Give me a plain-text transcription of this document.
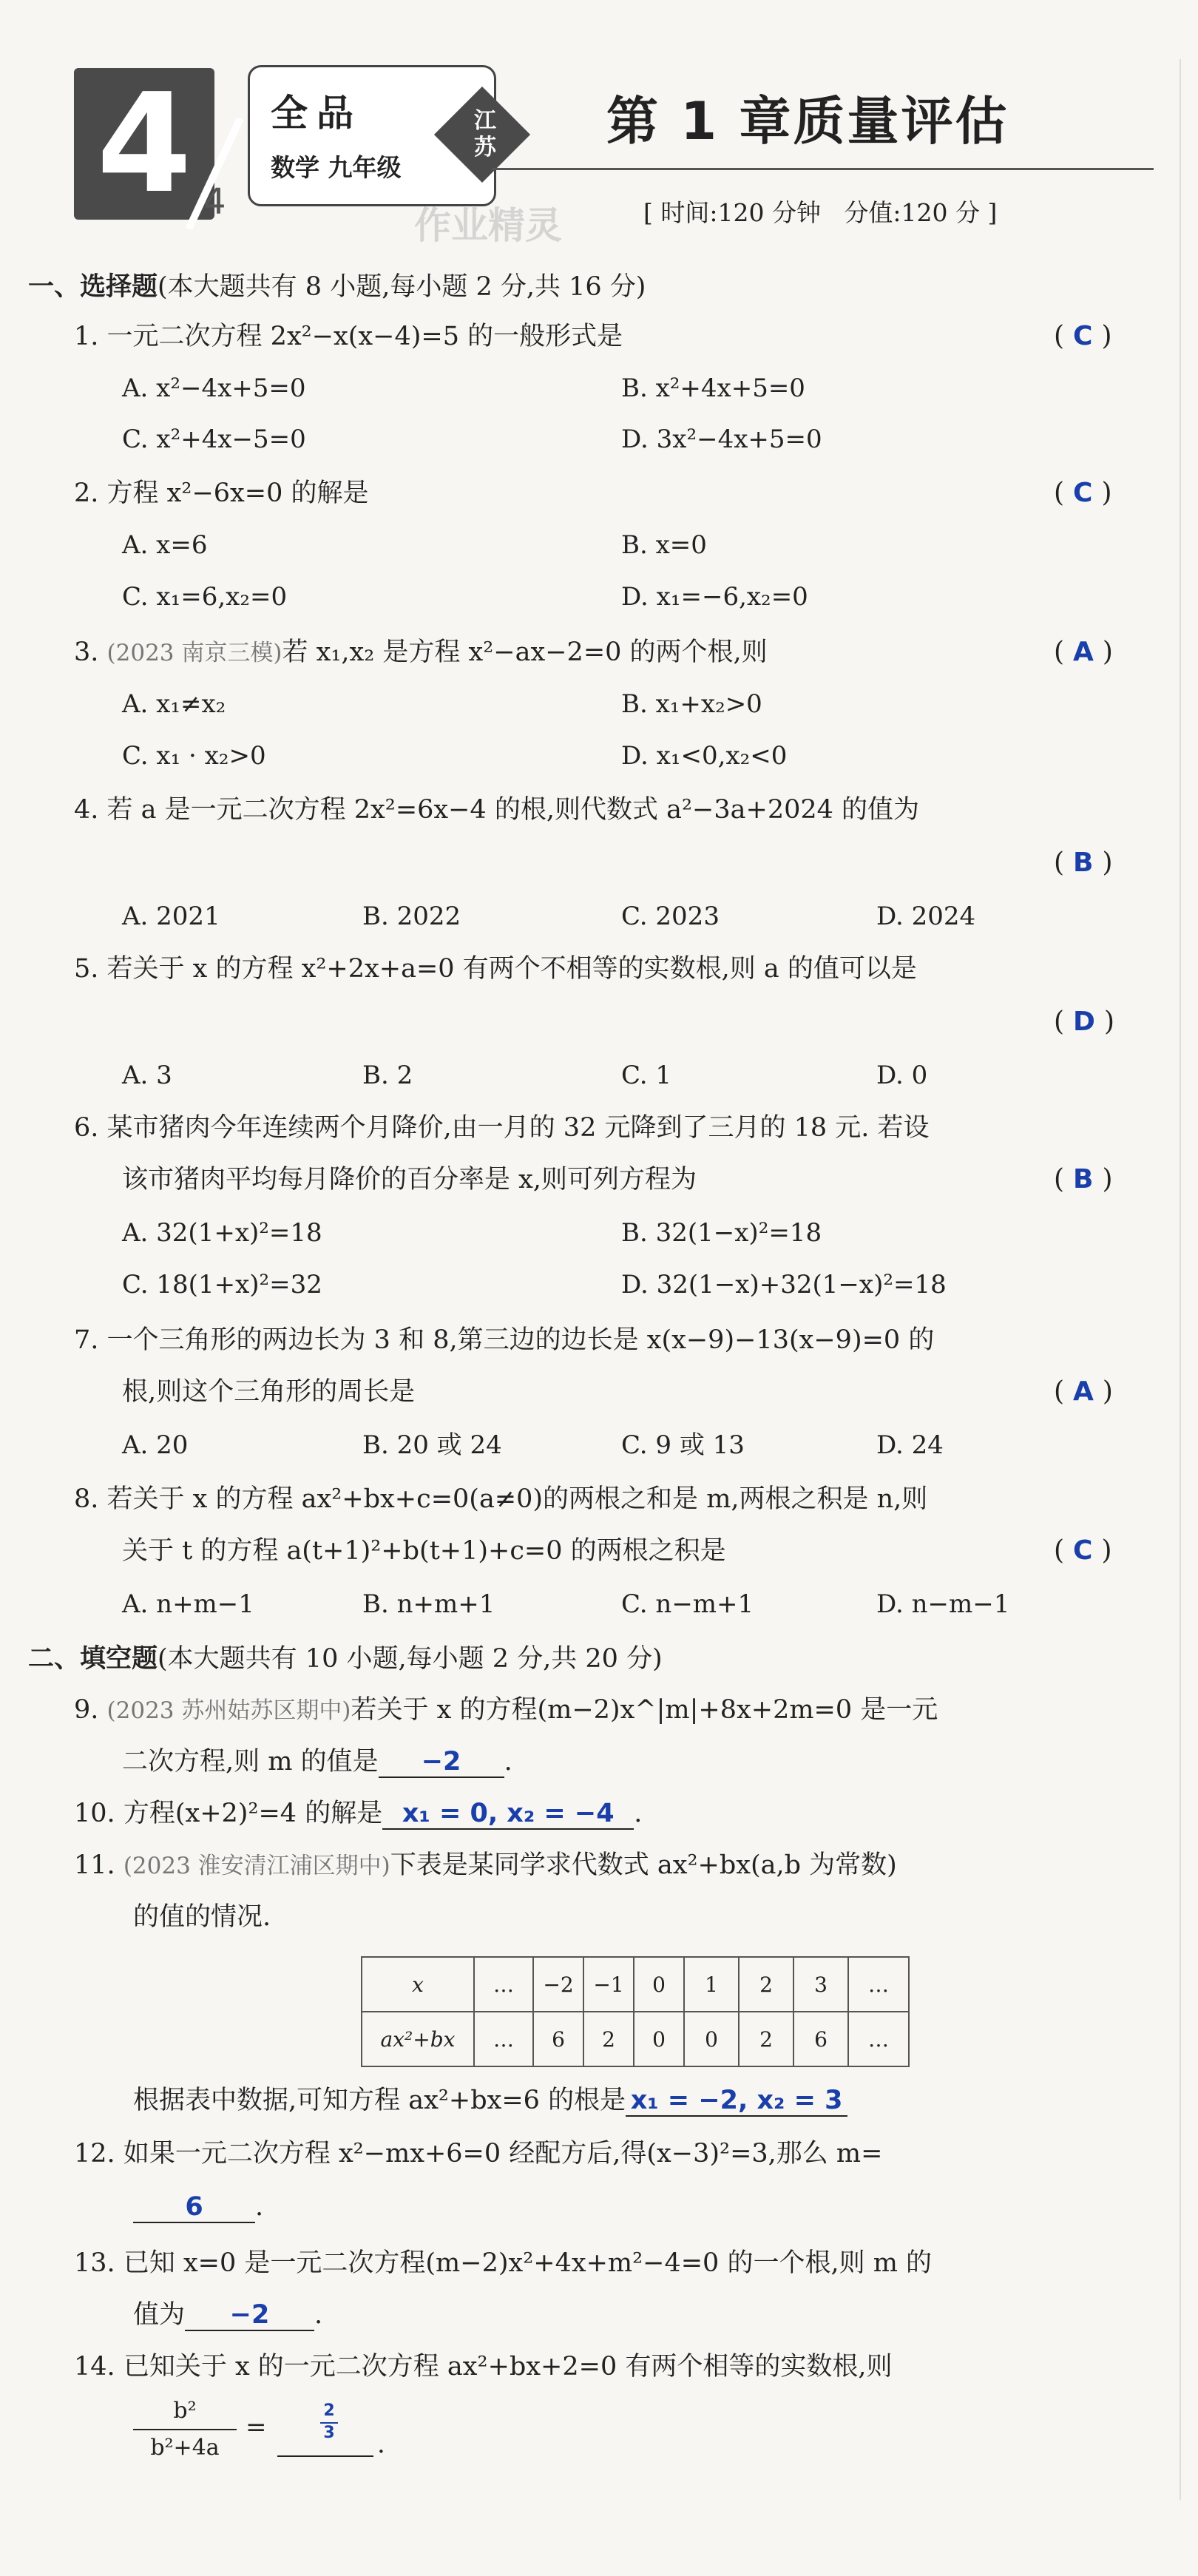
4 4
全品
数学 九年级
江苏 第 1 章质量评估
作业精灵	[ 时间:120 分钟   分值:120 分 ]
一、选择题(本大题共有 8 小题,每小题 2 分,共 16 分)
1. 一元二次方程 2x²−x(x−4)=5 的一般形式是	( C )
A. x²−4x+5=0	B. x²+4x+5=0
C. x²+4x−5=0	D. 3x²−4x+5=0
2. 方程 x²−6x=0 的解是	( C )
A. x=6	B. x=0
C. x₁=6,x₂=0	D. x₁=−6,x₂=0
3. (2023 南京三模)若 x₁,x₂ 是方程 x²−ax−2=0 的两个根,则	( A )
A. x₁≠x₂	B. x₁+x₂>0
C. x₁ · x₂>0	D. x₁<0,x₂<0
4. 若 a 是一元二次方程 2x²=6x−4 的根,则代数式 a²−3a+2024 的值为
( B )
A. 2021	B. 2022	C. 2023	D. 2024
5. 若关于 x 的方程 x²+2x+a=0 有两个不相等的实数根,则 a 的值可以是
( D )
A. 3	B. 2	C. 1	D. 0
6. 某市猪肉今年连续两个月降价,由一月的 32 元降到了三月的 18 元. 若设
该市猪肉平均每月降价的百分率是 x,则可列方程为	( B )
A. 32(1+x)²=18	B. 32(1−x)²=18
C. 18(1+x)²=32	D. 32(1−x)+32(1−x)²=18
7. 一个三角形的两边长为 3 和 8,第三边的边长是 x(x−9)−13(x−9)=0 的
根,则这个三角形的周长是	( A )
A. 20	B. 20 或 24	C. 9 或 13	D. 24
8. 若关于 x 的方程 ax²+bx+c=0(a≠0)的两根之和是 m,两根之积是 n,则
关于 t 的方程 a(t+1)²+b(t+1)+c=0 的两根之积是	( C )
A. n+m−1	B. n+m+1	C. n−m+1	D. n−m−1
二、填空题(本大题共有 10 小题,每小题 2 分,共 20 分)
9. (2023 苏州姑苏区期中)若关于 x 的方程(m−2)x^|m|+8x+2m=0 是一元
二次方程,则 m 的值是 −2 .
10. 方程(x+2)²=4 的解是 x₁ = 0, x₂ = −4 .
11. (2023 淮安清江浦区期中)下表是某同学求代数式 ax²+bx(a,b 为常数)
的值的情况.
x	…	−2	−1	0	1	2	3	…
ax²+bx	…	6	2	0	0	2	6	…
根据表中数据,可知方程 ax²+bx=6 的根是 x₁ = −2, x₂ = 3
12. 如果一元二次方程 x²−mx+6=0 经配方后,得(x−3)²=3,那么 m=
6 .
13. 已知 x=0 是一元二次方程(m−2)x²+4x+m²−4=0 的一个根,则 m 的
值为 −2 .
14. 已知关于 x 的一元二次方程 ax²+bx+2=0 有两个相等的实数根,则
b²
b²+4a
=
2
3 .
